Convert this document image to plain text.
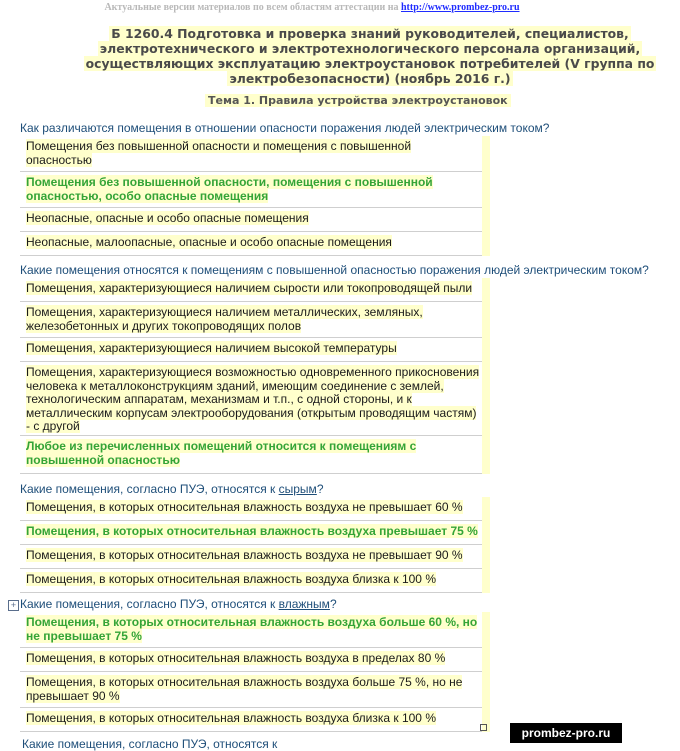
Актуальные версии материалов по всем областям аттестации на http://www.prombez-pro.ru
Б 1260.4 Подготовка и проверка знаний руководителей, специалистов,
электротехнического и электротехнологического персонала организаций,
осуществляющих эксплуатацию электроустановок потребителей (V группа по
электробезопасности) (ноябрь 2016 г.)
Тема 1. Правила устройства электроустановок
Как различаются помещения в отношении опасности поражения людей электрическим током?
Помещения без повышенной опасности и помещения с повышенной опасностью
Помещения без повышенной опасности, помещения с повышенной опасностью, особо опасные помещения
Неопасные, опасные и особо опасные помещения
Неопасные, малоопасные, опасные и особо опасные помещения
Какие помещения относятся к помещениям с повышенной опасностью поражения людей электрическим током?
Помещения, характеризующиеся наличием сырости или токопроводящей пыли
Помещения, характеризующиеся наличием металлических, земляных, железобетонных и других токопроводящих полов
Помещения, характеризующиеся наличием высокой температуры
Помещения, характеризующиеся возможностью одновременного прикосновения человека к металлоконструкциям зданий, имеющим соединение с землей, технологическим аппаратам, механизмам и т.п., с одной стороны, и к металлическим корпусам электрооборудования (открытым проводящим частям) - с другой
Любое из перечисленных помещений относится к помещениям с повышенной опасностью
Какие помещения, согласно ПУЭ, относятся к сырым?
Помещения, в которых относительная влажность воздуха не превышает 60 %
Помещения, в которых относительная влажность воздуха превышает 75 %
Помещения, в которых относительная влажность воздуха не превышает 90 %
Помещения, в которых относительная влажность воздуха близка к 100 %
+ Какие помещения, согласно ПУЭ, относятся к влажным?
Помещения, в которых относительная влажность воздуха больше 60 %, но не превышает 75 %
Помещения, в которых относительная влажность воздуха в пределах 80 %
Помещения, в которых относительная влажность воздуха больше 75 %, но не превышает 90 %
Помещения, в которых относительная влажность воздуха близка к 100 %
Какие помещения, согласно ПУЭ, относятся к
prombez-pro.ru
